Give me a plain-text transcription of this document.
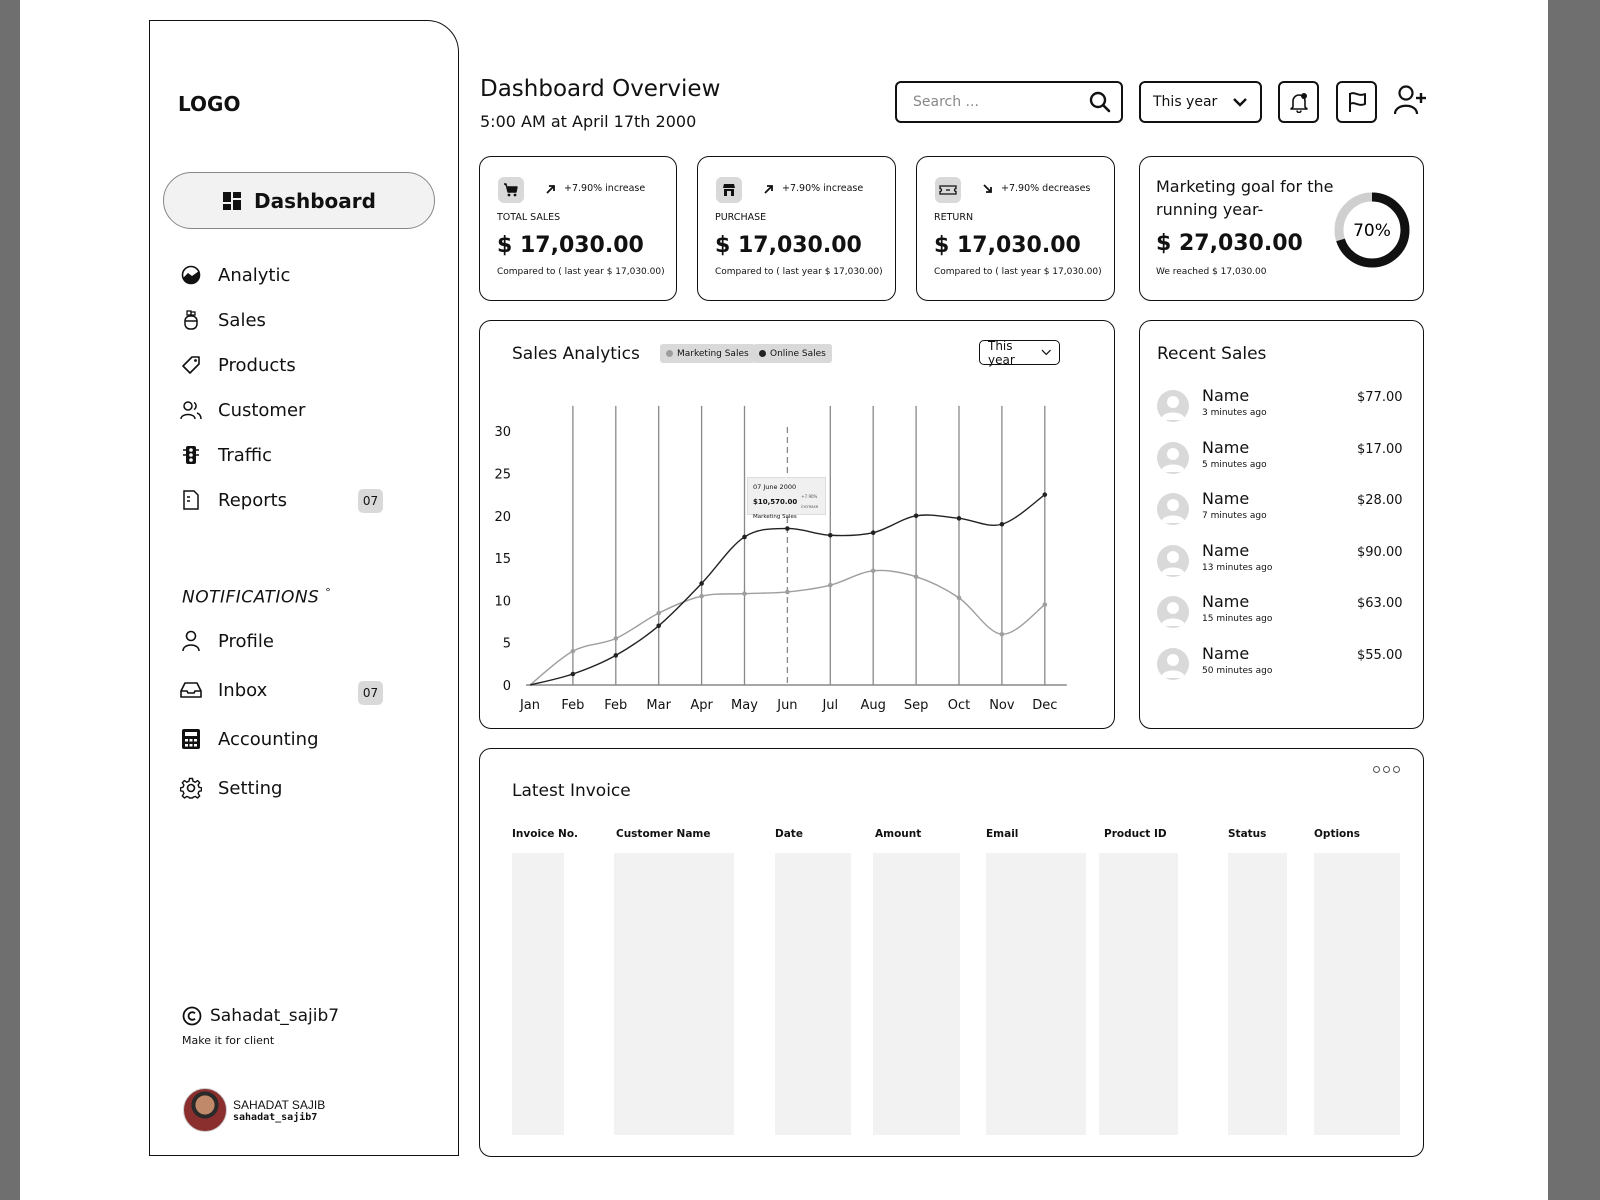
LOGO
Dashboard
Analytic
Sales
Products
Customer
Traffic
Reports	07
NOTIFICATIONS °
Profile
Inbox	07
Accounting
Setting
Sahadat_sajib7
Make it for client
SAHADAT SAJIB
sahadat_sajib7
Dashboard Overview
5:00 AM at April 17th 2000
Search ...
This year
+7.90% increase
TOTAL SALES
$ 17,030.00
Compared to ( last year $ 17,030.00)
+7.90% increase
PURCHASE
$ 17,030.00
Compared to ( last year $ 17,030.00)
+7.90% decreases
RETURN
$ 17,030.00
Compared to ( last year $ 17,030.00)
Marketing goal for the running year-
$ 27,030.00
We reached $ 17,030.00
70%
Sales Analytics	Marketing Sales Online Sales
This year
0
5
10
15
20
25
30
Jan Feb Feb Mar Apr May Jun Jul Aug Sep Oct Nov Dec
07 June 2000
$10,570.00
+7.90% increase
Marketing Sales
Recent Sales
Name
3 minutes ago
$77.00
Name
5 minutes ago
$17.00
Name
7 minutes ago
$28.00
Name
13 minutes ago
$90.00
Name
15 minutes ago
$63.00
Name
50 minutes ago
$55.00
Latest Invoice
Invoice No.	Customer Name	Date	Amount	Email	Product ID	Status	Options
